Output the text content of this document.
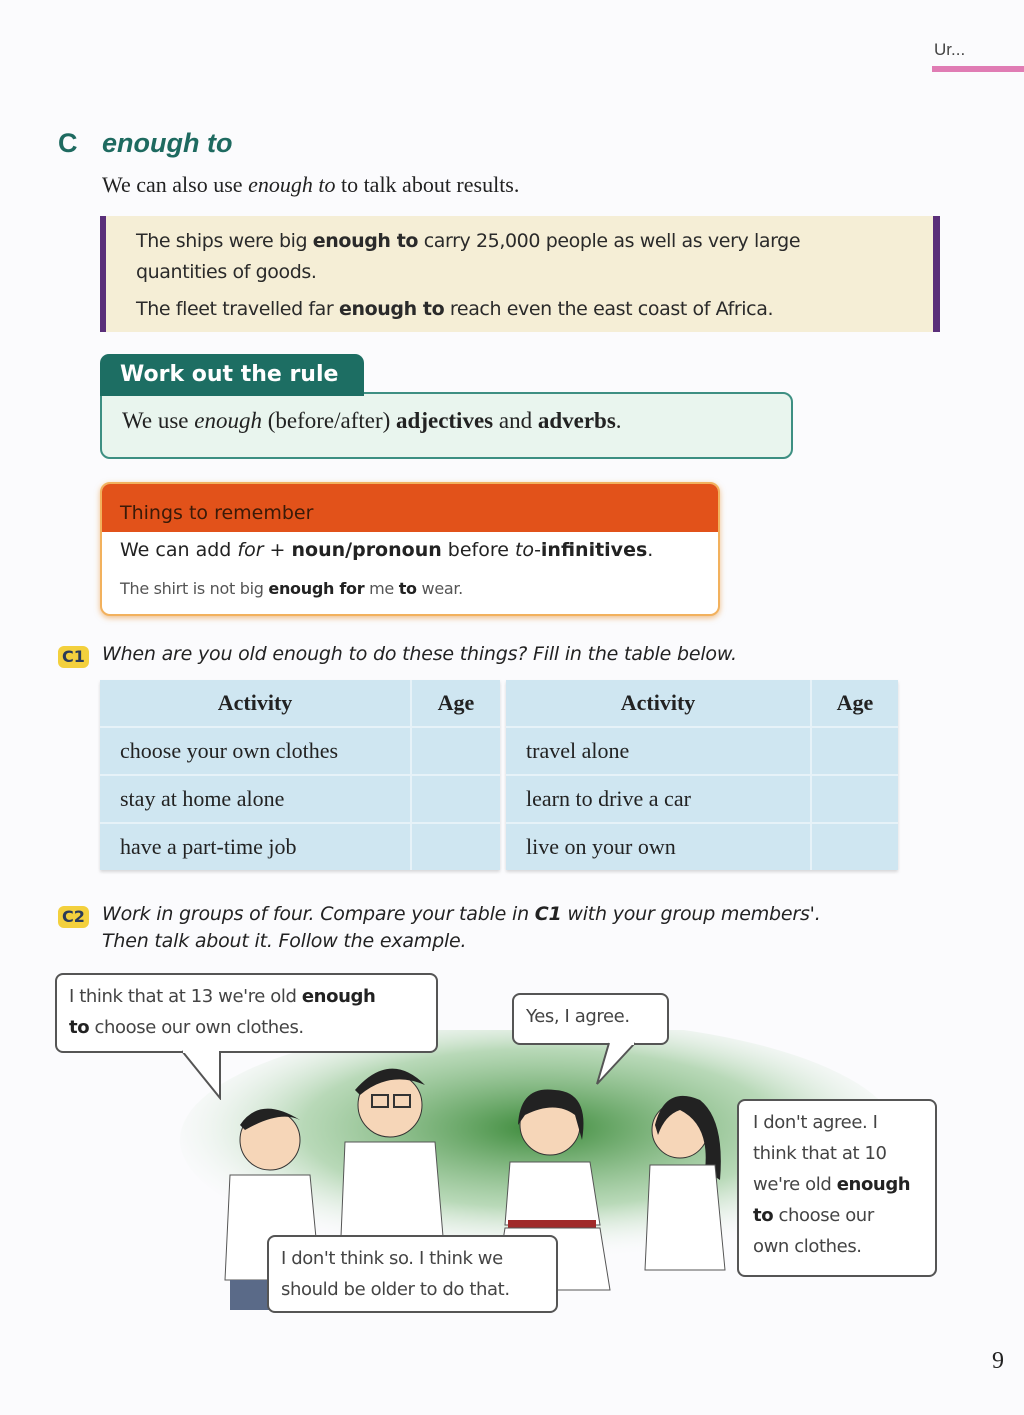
Ur...
C enough to
We can also use enough to to talk about results.

The ships were big enough to carry 25,000 people as well as very large
quantities of goods.

The fleet travelled far enough to reach even the east coast of Africa.

Work out the rule
We use enough (before/after) adjectives and adverbs.
Things to remember
We can add for + noun/pronoun before to-infinitives.
The shirt is not big enough for me to wear.
C1 When are you old enough to do these things? Fill in the table below.
Activity	Age
choose your own clothes	
stay at home alone	
have a part-time job	
Activity	Age
travel alone	
learn to drive a car	
live on your own	
C2 Work in groups of four. Compare your table in C1 with your group members'.
Then talk about it. Follow the example.
I think that at 13 we're old enough
to choose our own clothes.
Yes, I agree.
I don't agree. I
think that at 10
we're old enough
to choose our
own clothes.
I don't think so. I think we
should be older to do that.
9
